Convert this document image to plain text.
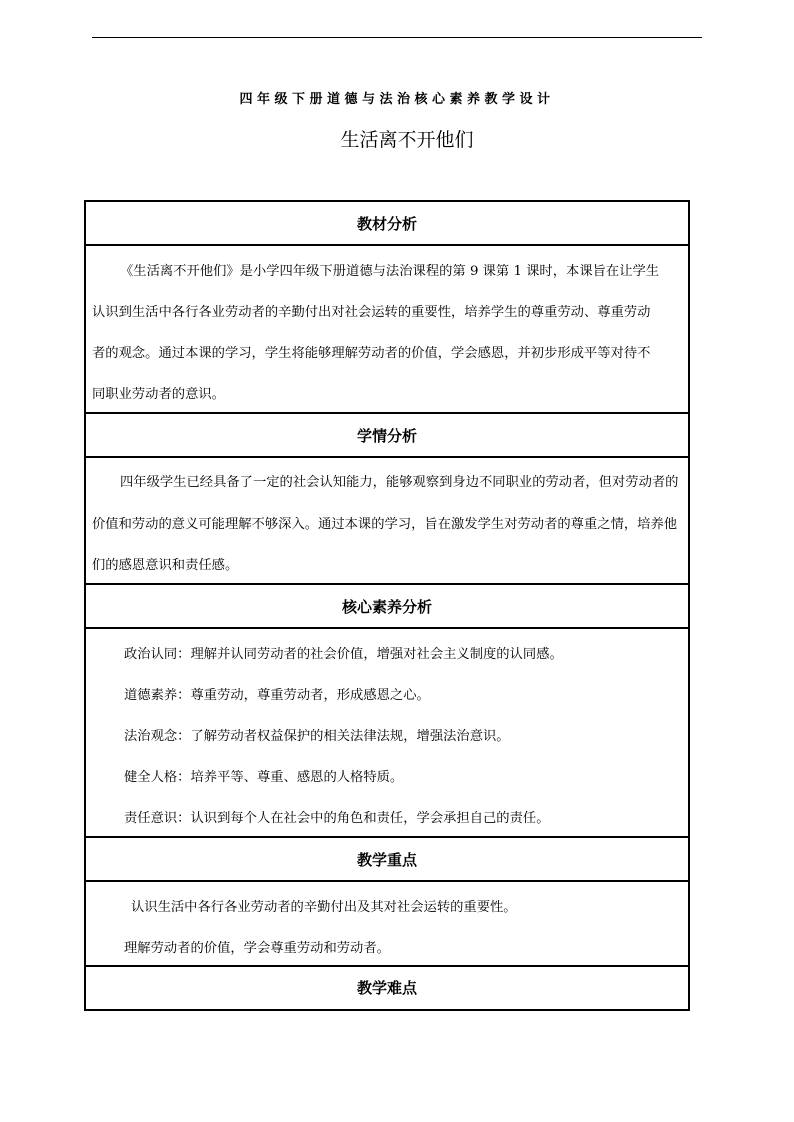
四年级下册道德与法治核心素养教学设计
生活离不开他们
教材分析
《生活离不开他们》是小学四年级下册道德与法治课程的第 9 课第 1 课时，本课旨在让学生
认识到生活中各行各业劳动者的辛勤付出对社会运转的重要性，培养学生的尊重劳动、尊重劳动
者的观念。通过本课的学习，学生将能够理解劳动者的价值，学会感恩，并初步形成平等对待不
同职业劳动者的意识。
学情分析
四年级学生已经具备了一定的社会认知能力，能够观察到身边不同职业的劳动者，但对劳动者的
价值和劳动的意义可能理解不够深入。通过本课的学习，旨在激发学生对劳动者的尊重之情，培养他
们的感恩意识和责任感。
核心素养分析
政治认同：理解并认同劳动者的社会价值，增强对社会主义制度的认同感。
道德素养：尊重劳动，尊重劳动者，形成感恩之心。
法治观念：了解劳动者权益保护的相关法律法规，增强法治意识。
健全人格：培养平等、尊重、感恩的人格特质。
责任意识：认识到每个人在社会中的角色和责任，学会承担自己的责任。
教学重点
认识生活中各行各业劳动者的辛勤付出及其对社会运转的重要性。
理解劳动者的价值，学会尊重劳动和劳动者。
教学难点
